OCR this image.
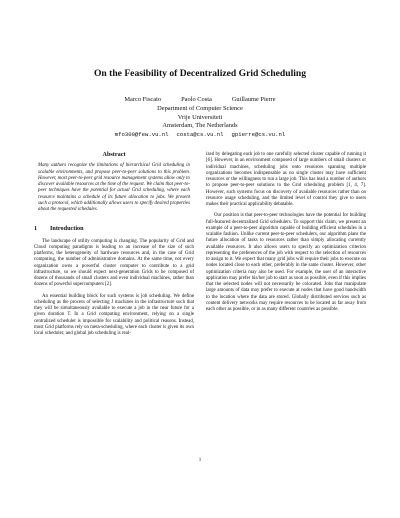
On the Feasibility of Decentralized Grid Scheduling
Marco Fiscato	Paolo Costa	Guillaume Pierre
Department of Computer Science
Vrije Universiteit
Amsterdam, The Netherlands
mfo300@few.vu.nl costa@cs.vu.nl gpierre@cs.vu.nl
Abstract

Many authors recognize the limitations of hierarchical Grid scheduling in scalable environments, and propose peer-to-peer solutions to this problem. However, most peer-to-peer grid resource management systems allow only to discover available resources at the time of the request. We claim that peer-to-peer techniques have the potential for actual Grid scheduling, where each resource maintains a schedule of its future allocation to jobs. We present such a protocol, which additionally allows users to specify desired properties about the requested schedules.

1 Introduction

The landscape of utility computing is changing. The popularity of Grid and Cloud computing paradigms is leading to an increase of the size of such platforms, the heterogeneity of hardware resources and, in the case of Grid computing, the number of administrative domains. At the same time, not every organization owns a powerful cluster computer to contribute to a grid infrastructure, so we should expect next-generation Grids to be composed of dozens of thousands of small clusters and even individual machines, rather than dozens of powerful supercomputers [2].

An essential building block for such systems is job scheduling. We define scheduling as the process of selecting J machines in the infrastructure such that they will be simultaneously available to execute a job in the near future for a given duration T. In a Grid computing environment, relying on a single centralized scheduler is impossible for scalability and political reasons. Instead, most Grid platforms rely on meta-scheduling, where each cluster is given its own local scheduler, and global job scheduling is real-

ized by delegating each job to one carefully selected cluster capable of running it [6]. However, in an environment composed of large numbers of small clusters or individual machines, scheduling jobs onto resources spanning multiple organizations becomes indispensable as no single cluster may have sufficient resources or the willingness to run a large job. This has lead a number of authors to propose peer-to-peer solutions to the Grid scheduling problem [1, 4, 7]. However, such systems focus on discovery of available resources rather than on resource usage scheduling, and the limited level of control they give to users makes their practical applicability debatable.

Our position is that peer-to-peer technologies have the potential for building full-featured decentralized Grid schedulers. To support this claim, we present an example of a peer-to-peer algorithm capable of building efficient schedules in a scalable fashion. Unlike current peer-to-peer schedulers, our algorithm plans the future allocation of tasks to resources rather than simply allocating currently available resources. It also allows users to specify an optimization criterion representing the preferences of the job with respect to the selection of resources to assign to it. We expect that many grid jobs will require their jobs to execute on nodes located close to each other, preferably in the same cluster. However, other optimization criteria may also be used. For example, the user of an interactive application may prefer his/her job to start as soon as possible, even if this implies that the selected nodes will not necessarily be colocated. Jobs that manipulate large amounts of data may prefer to execute at nodes that have good bandwidth to the location where the data are stored. Globally distributed services such as content delivery networks may require resources to be located as far away from each other as possible, or in as many different countries as possible.

1
